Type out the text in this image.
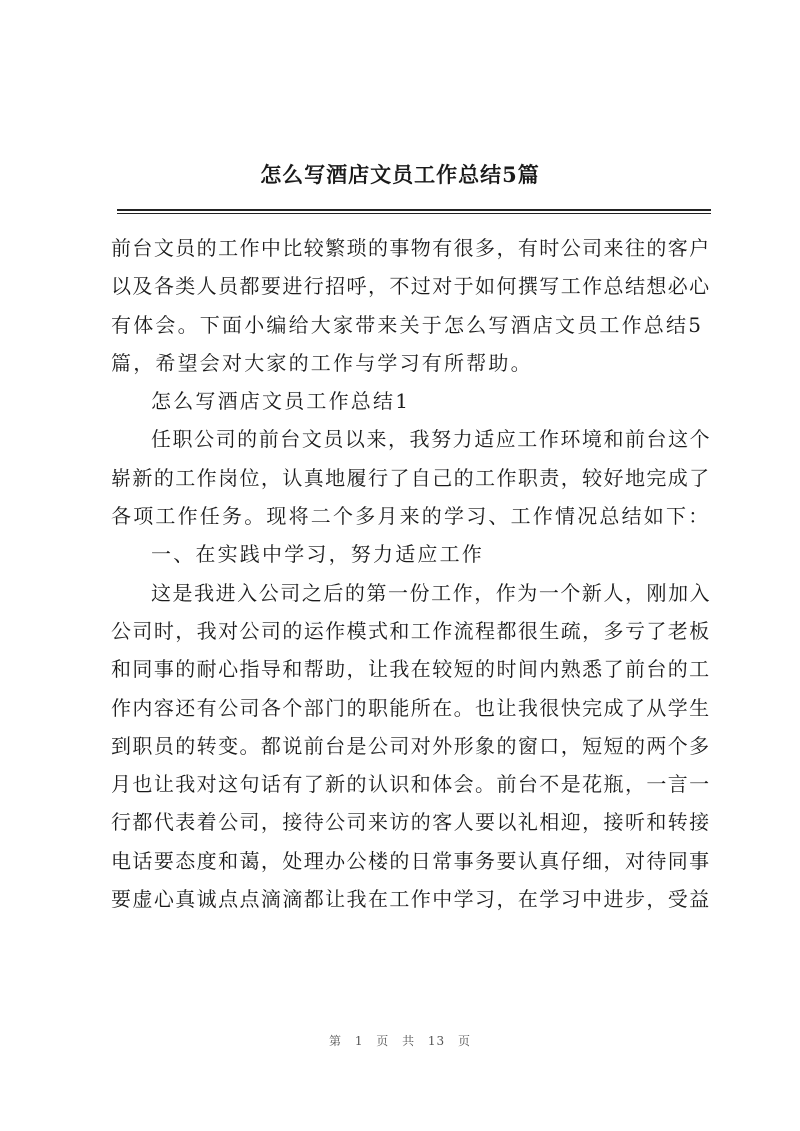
怎么写酒店文员工作总结5篇
前台文员的工作中比较繁琐的事物有很多，有时公司来往的客户
以及各类人员都要进行招呼，不过对于如何撰写工作总结想必心
有体会。下面小编给大家带来关于怎么写酒店文员工作总结5
篇，希望会对大家的工作与学习有所帮助。
怎么写酒店文员工作总结1
任职公司的前台文员以来，我努力适应工作环境和前台这个
崭新的工作岗位，认真地履行了自己的工作职责，较好地完成了
各项工作任务。现将二个多月来的学习、工作情况总结如下：
一、在实践中学习，努力适应工作
这是我进入公司之后的第一份工作，作为一个新人，刚加入
公司时，我对公司的运作模式和工作流程都很生疏，多亏了老板
和同事的耐心指导和帮助，让我在较短的时间内熟悉了前台的工
作内容还有公司各个部门的职能所在。也让我很快完成了从学生
到职员的转变。都说前台是公司对外形象的窗口，短短的两个多
月也让我对这句话有了新的认识和体会。前台不是花瓶，一言一
行都代表着公司，接待公司来访的客人要以礼相迎，接听和转接
电话要态度和蔼，处理办公楼的日常事务要认真仔细，对待同事
要虚心真诚点点滴滴都让我在工作中学习，在学习中进步，受益
第 1 页 共 13 页
